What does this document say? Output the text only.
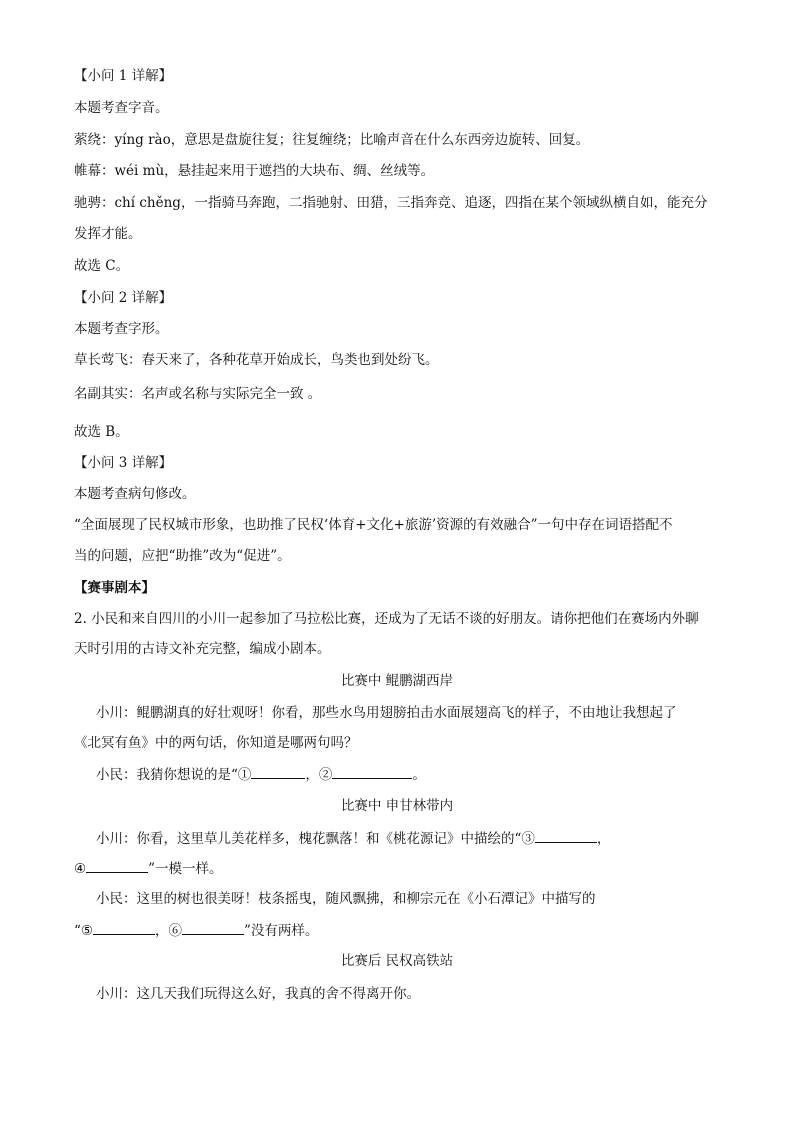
【小问 1 详解】
本题考查字音。
萦绕：yíng rào，意思是盘旋往复；往复缠绕；比喻声音在什么东西旁边旋转、回复。
帷幕：wéi mù，悬挂起来用于遮挡的大块布、绸、丝绒等。
驰骋：chí chěng，一指骑马奔跑，二指驰射、田猎，三指奔竞、追逐，四指在某个领域纵横自如，能充分
发挥才能。
故选 C。
【小问 2 详解】
本题考查字形。
草长莺飞：春天来了，各种花草开始成长，鸟类也到处纷飞。
名副其实：名声或名称与实际完全一致 。
故选 B。
【小问 3 详解】
本题考查病句修改。
“全面展现了民权城市形象，也助推了民权‘体育+文化+旅游’资源的有效融合”一句中存在词语搭配不
当的问题，应把“助推”改为“促进”。
【赛事剧本】
2. 小民和来自四川的小川一起参加了马拉松比赛，还成为了无话不谈的好朋友。请你把他们在赛场内外聊
天时引用的古诗文补充完整，编成小剧本。
比赛中 鲲鹏湖西岸
小川：鲲鹏湖真的好壮观呀！你看，那些水鸟用翅膀拍击水面展翅高飞的样子，不由地让我想起了
《北冥有鱼》中的两句话，你知道是哪两句吗？
小民：我猜你想说的是“①	，②	。
比赛中 申甘林带内
小川：你看，这里草儿美花样多，槐花飘落！和《桃花源记》中描绘的“③	，
④	”一模一样。
小民：这里的树也很美呀！枝条摇曳，随风飘拂，和柳宗元在《小石潭记》中描写的
“⑤	，⑥	”没有两样。
比赛后 民权高铁站
小川：这几天我们玩得这么好，我真的舍不得离开你。
